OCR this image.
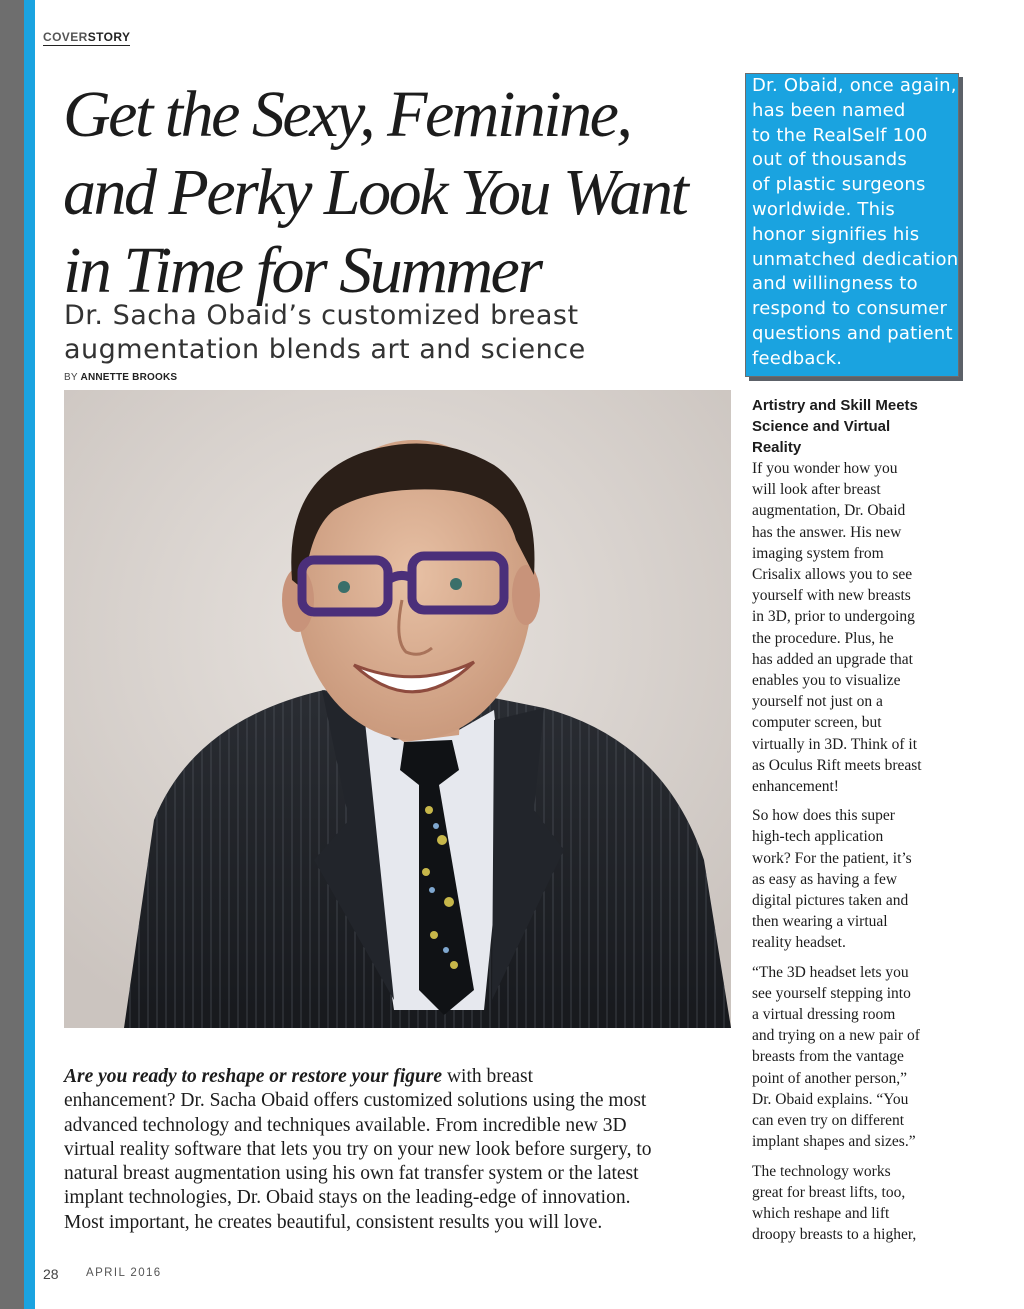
COVERSTORY
Get the Sexy, Feminine,
and Perky Look You Want
in Time for Summer
Dr. Sacha Obaid’s customized breast
augmentation blends art and science
BY ANNETTE BROOKS

Are you ready to reshape or restore your figure with breast
enhancement? Dr. Sacha Obaid offers customized solutions using the most
advanced technology and techniques available. From incredible new 3D
virtual reality software that lets you try on your new look before surgery, to
natural breast augmentation using his own fat transfer system or the latest
implant technologies, Dr. Obaid stays on the leading-edge of innovation.
Most important, he creates beautiful, consistent results you will love.

Dr. Obaid, once again,
has been named
to the RealSelf 100
out of thousands
of plastic surgeons
worldwide. This
honor signifies his
unmatched dedication
and willingness to
respond to consumer
questions and patient
feedback.
Artistry and Skill Meets
Science and Virtual
Reality

If you wonder how you
will look after breast
augmentation, Dr. Obaid
has the answer. His new
imaging system from
Crisalix allows you to see
yourself with new breasts
in 3D, prior to undergoing
the procedure. Plus, he
has added an upgrade that
enables you to visualize
yourself not just on a
computer screen, but
virtually in 3D. Think of it
as Oculus Rift meets breast
enhancement!

So how does this super
high-tech application
work? For the patient, it’s
as easy as having a few
digital pictures taken and
then wearing a virtual
reality headset.

“The 3D headset lets you
see yourself stepping into
a virtual dressing room
and trying on a new pair of
breasts from the vantage
point of another person,”
Dr. Obaid explains. “You
can even try on different
implant shapes and sizes.”

The technology works
great for breast lifts, too,
which reshape and lift
droopy breasts to a higher,

28 APRIL 2016
